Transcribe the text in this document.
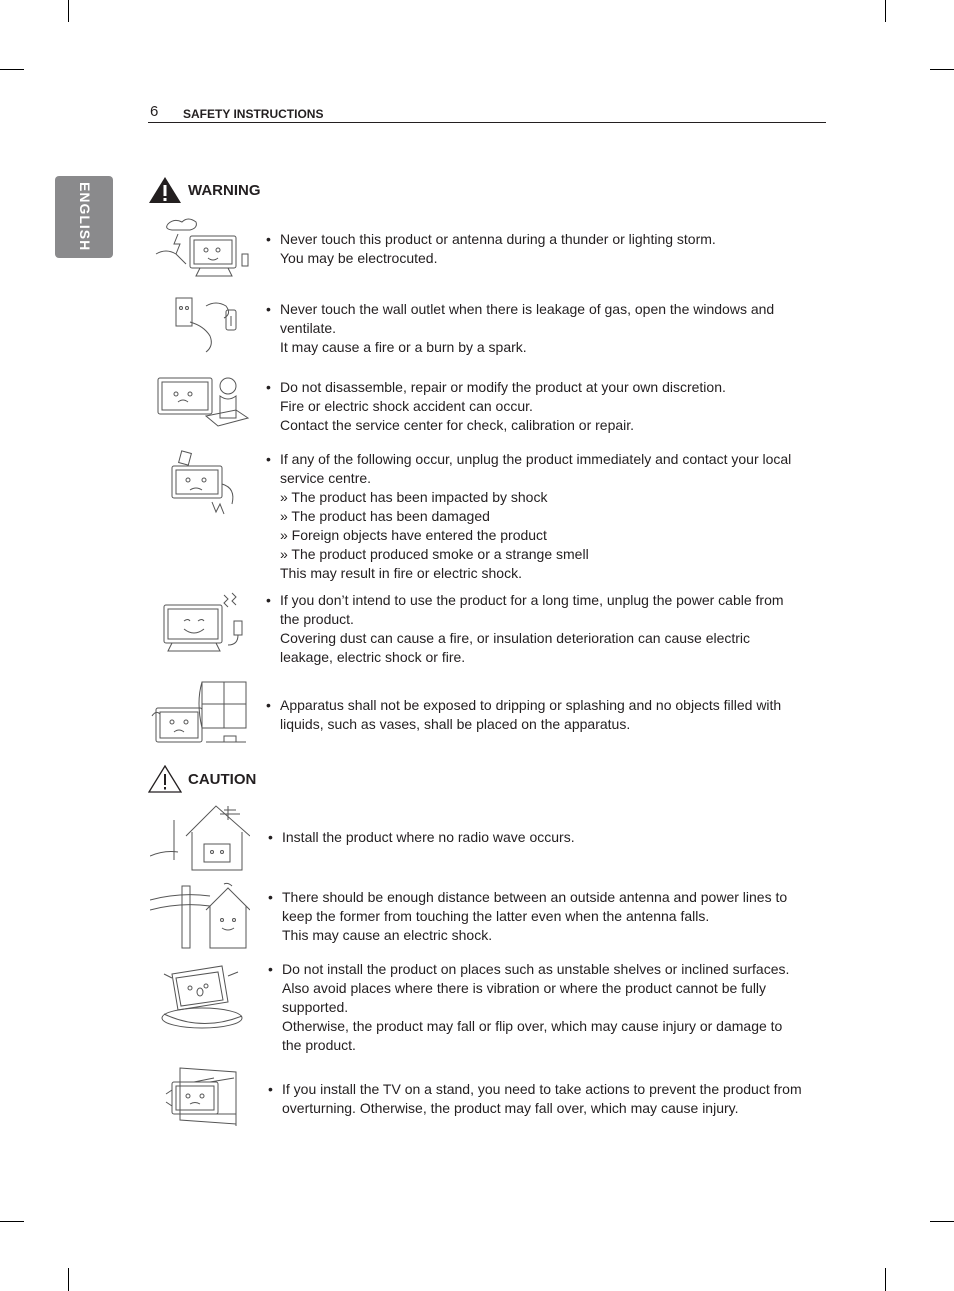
6 SAFETY INSTRUCTIONS
ENGLISH	WARNING
• Never touch this product or antenna during a thunder or lighting storm.
You may be electrocuted.
• Never touch the wall outlet when there is leakage of gas, open the windows and
ventilate.
It may cause a fire or a burn by a spark.
• Do not disassemble, repair or modify the product at your own discretion.
Fire or electric shock accident can occur.
Contact the service center for check, calibration or repair.
• If any of the following occur, unplug the product immediately and contact your local
service centre.
» The product has been impacted by shock
» The product has been damaged
» Foreign objects have entered the product
» The product produced smoke or a strange smell
This may result in fire or electric shock.
• If you don’t intend to use the product for a long time, unplug the power cable from
the product.
Covering dust can cause a fire, or insulation deterioration can cause electric
leakage, electric shock or fire.
• Apparatus shall not be exposed to dripping or splashing and no objects filled with
liquids, such as vases, shall be placed on the apparatus.
CAUTION
• Install the product where no radio wave occurs.
• There should be enough distance between an outside antenna and power lines to
keep the former from touching the latter even when the antenna falls.
This may cause an electric shock.
• Do not install the product on places such as unstable shelves or inclined surfaces.
Also avoid places where there is vibration or where the product cannot be fully
supported.
Otherwise, the product may fall or flip over, which may cause injury or damage to
the product.
• If you install the TV on a stand, you need to take actions to prevent the product from
overturning. Otherwise, the product may fall over, which may cause injury.
